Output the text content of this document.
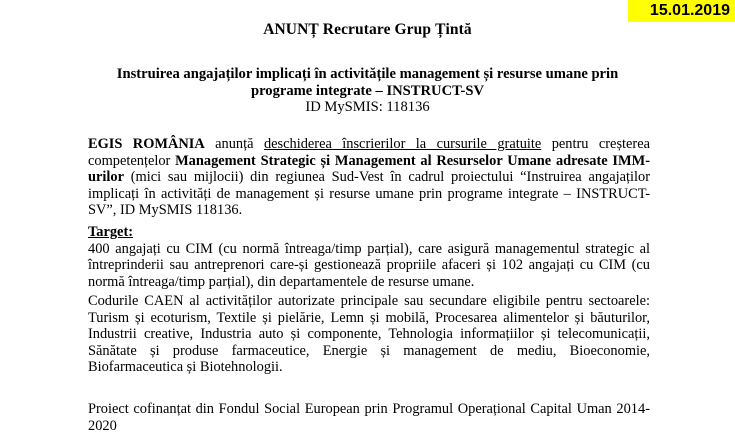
15.01.2019
ANUNȚ Recrutare Grup Țintă
Instruirea angajaților implicați în activitățile management și resurse umane prin
programe integrate – INSTRUCT-SV
ID MySMIS: 118136
EGIS ROMÂNIA anunță deschiderea înscrierilor la cursurile gratuite pentru creșterea
competențelor Management Strategic și Management al Resurselor Umane adresate IMM-
urilor (mici sau mijlocii) din regiunea Sud-Vest în cadrul proiectului “Instruirea angajaților
implicați în activități de management și resurse umane prin programe integrate – INSTRUCT-
SV”, ID MySMIS 118136.
Target:
400 angajați cu CIM (cu normă întreaga/timp parțial), care asigură managementul strategic al
întreprinderii sau antreprenori care-și gestionează propriile afaceri și 102 angajați cu CIM (cu
normă întreaga/timp parțial), din departamentele de resurse umane.
Codurile CAEN al activităților autorizate principale sau secundare eligibile pentru sectoarele:
Turism și ecoturism, Textile și pielărie, Lemn și mobilă, Procesarea alimentelor și băuturilor,
Industrii creative, Industria auto și componente, Tehnologia informațiilor și telecomunicații,
Sănătate și produse farmaceutice, Energie și management de mediu, Bioeconomie,
Biofarmaceutica și Biotehnologii.
Proiect cofinanțat din Fondul Social European prin Programul Operațional Capital Uman 2014-
2020
